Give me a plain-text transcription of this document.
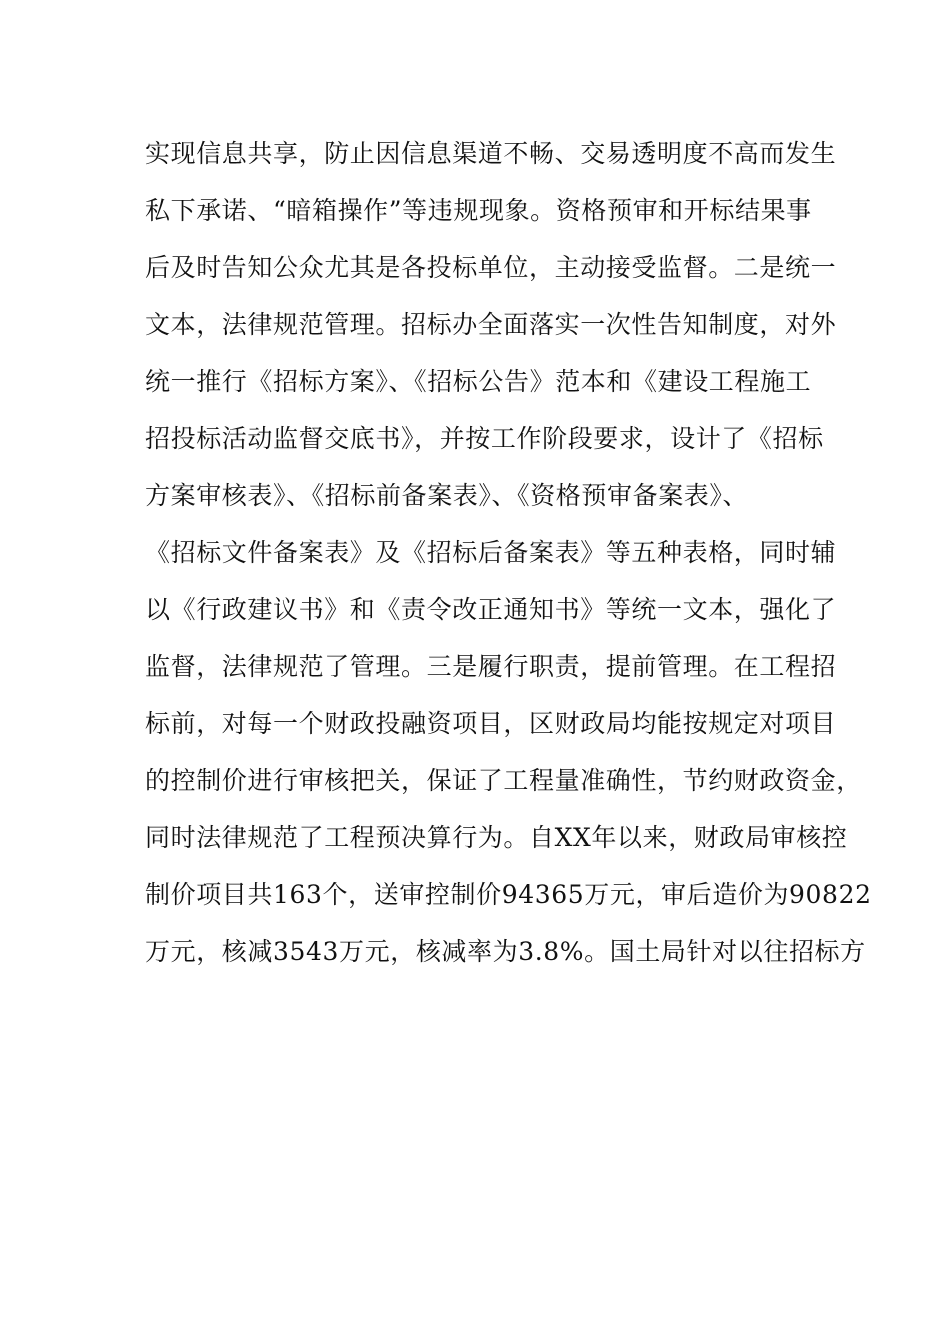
实现信息共享，防止因信息渠道不畅、交易透明度不高而发生
私下承诺、“暗箱操作”等违规现象。资格预审和开标结果事
后及时告知公众尤其是各投标单位，主动接受监督。二是统一
文本，法律规范管理。招标办全面落实一次性告知制度，对外
统一推行《招标方案》、《招标公告》范本和《建设工程施工
招投标活动监督交底书》，并按工作阶段要求，设计了《招标
方案审核表》、《招标前备案表》、《资格预审备案表》、
《招标文件备案表》及《招标后备案表》等五种表格，同时辅
以《行政建议书》和《责令改正通知书》等统一文本，强化了
监督，法律规范了管理。三是履行职责，提前管理。在工程招
标前，对每一个财政投融资项目，区财政局均能按规定对项目
的控制价进行审核把关，保证了工程量准确性，节约财政资金，
同时法律规范了工程预决算行为。自XX年以来，财政局审核控
制价项目共163个，送审控制价94365万元，审后造价为90822
万元，核减3543万元，核减率为3.8%。国土局针对以往招标方
